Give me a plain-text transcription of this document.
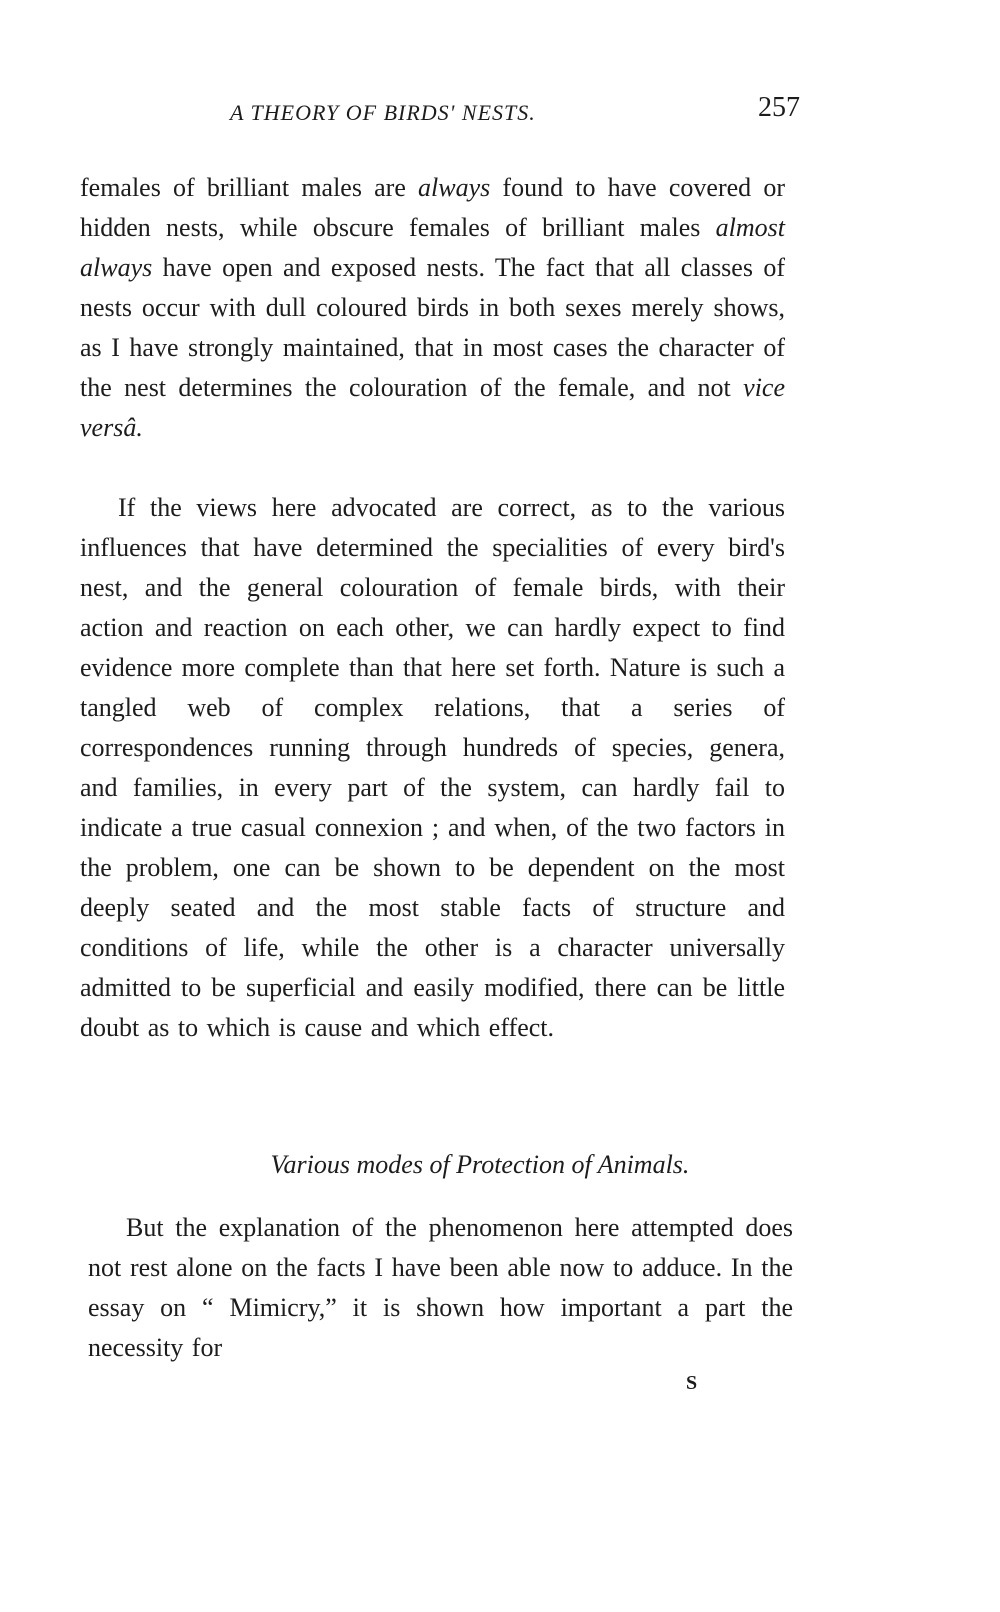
A THEORY OF BIRDS' NESTS.	257

females of brilliant males are always found to have covered or hidden nests, while obscure females of brilliant males almost always have open and exposed nests. The fact that all classes of nests occur with dull coloured birds in both sexes merely shows, as I have strongly maintained, that in most cases the character of the nest determines the colouration of the female, and not vice versâ.

If the views here advocated are correct, as to the various influences that have determined the specialities of every bird's nest, and the general colouration of female birds, with their action and reaction on each other, we can hardly expect to find evidence more complete than that here set forth. Nature is such a tangled web of complex relations, that a series of correspondences running through hundreds of species, genera, and families, in every part of the system, can hardly fail to indicate a true casual connexion ; and when, of the two factors in the problem, one can be shown to be dependent on the most deeply seated and the most stable facts of structure and conditions of life, while the other is a character universally admitted to be superficial and easily modified, there can be little doubt as to which is cause and which effect.

Various modes of Protection of Animals.

But the explanation of the phenomenon here attempted does not rest alone on the facts I have been able now to adduce. In the essay on “ Mimicry,” it is shown how important a part the necessity for

S
